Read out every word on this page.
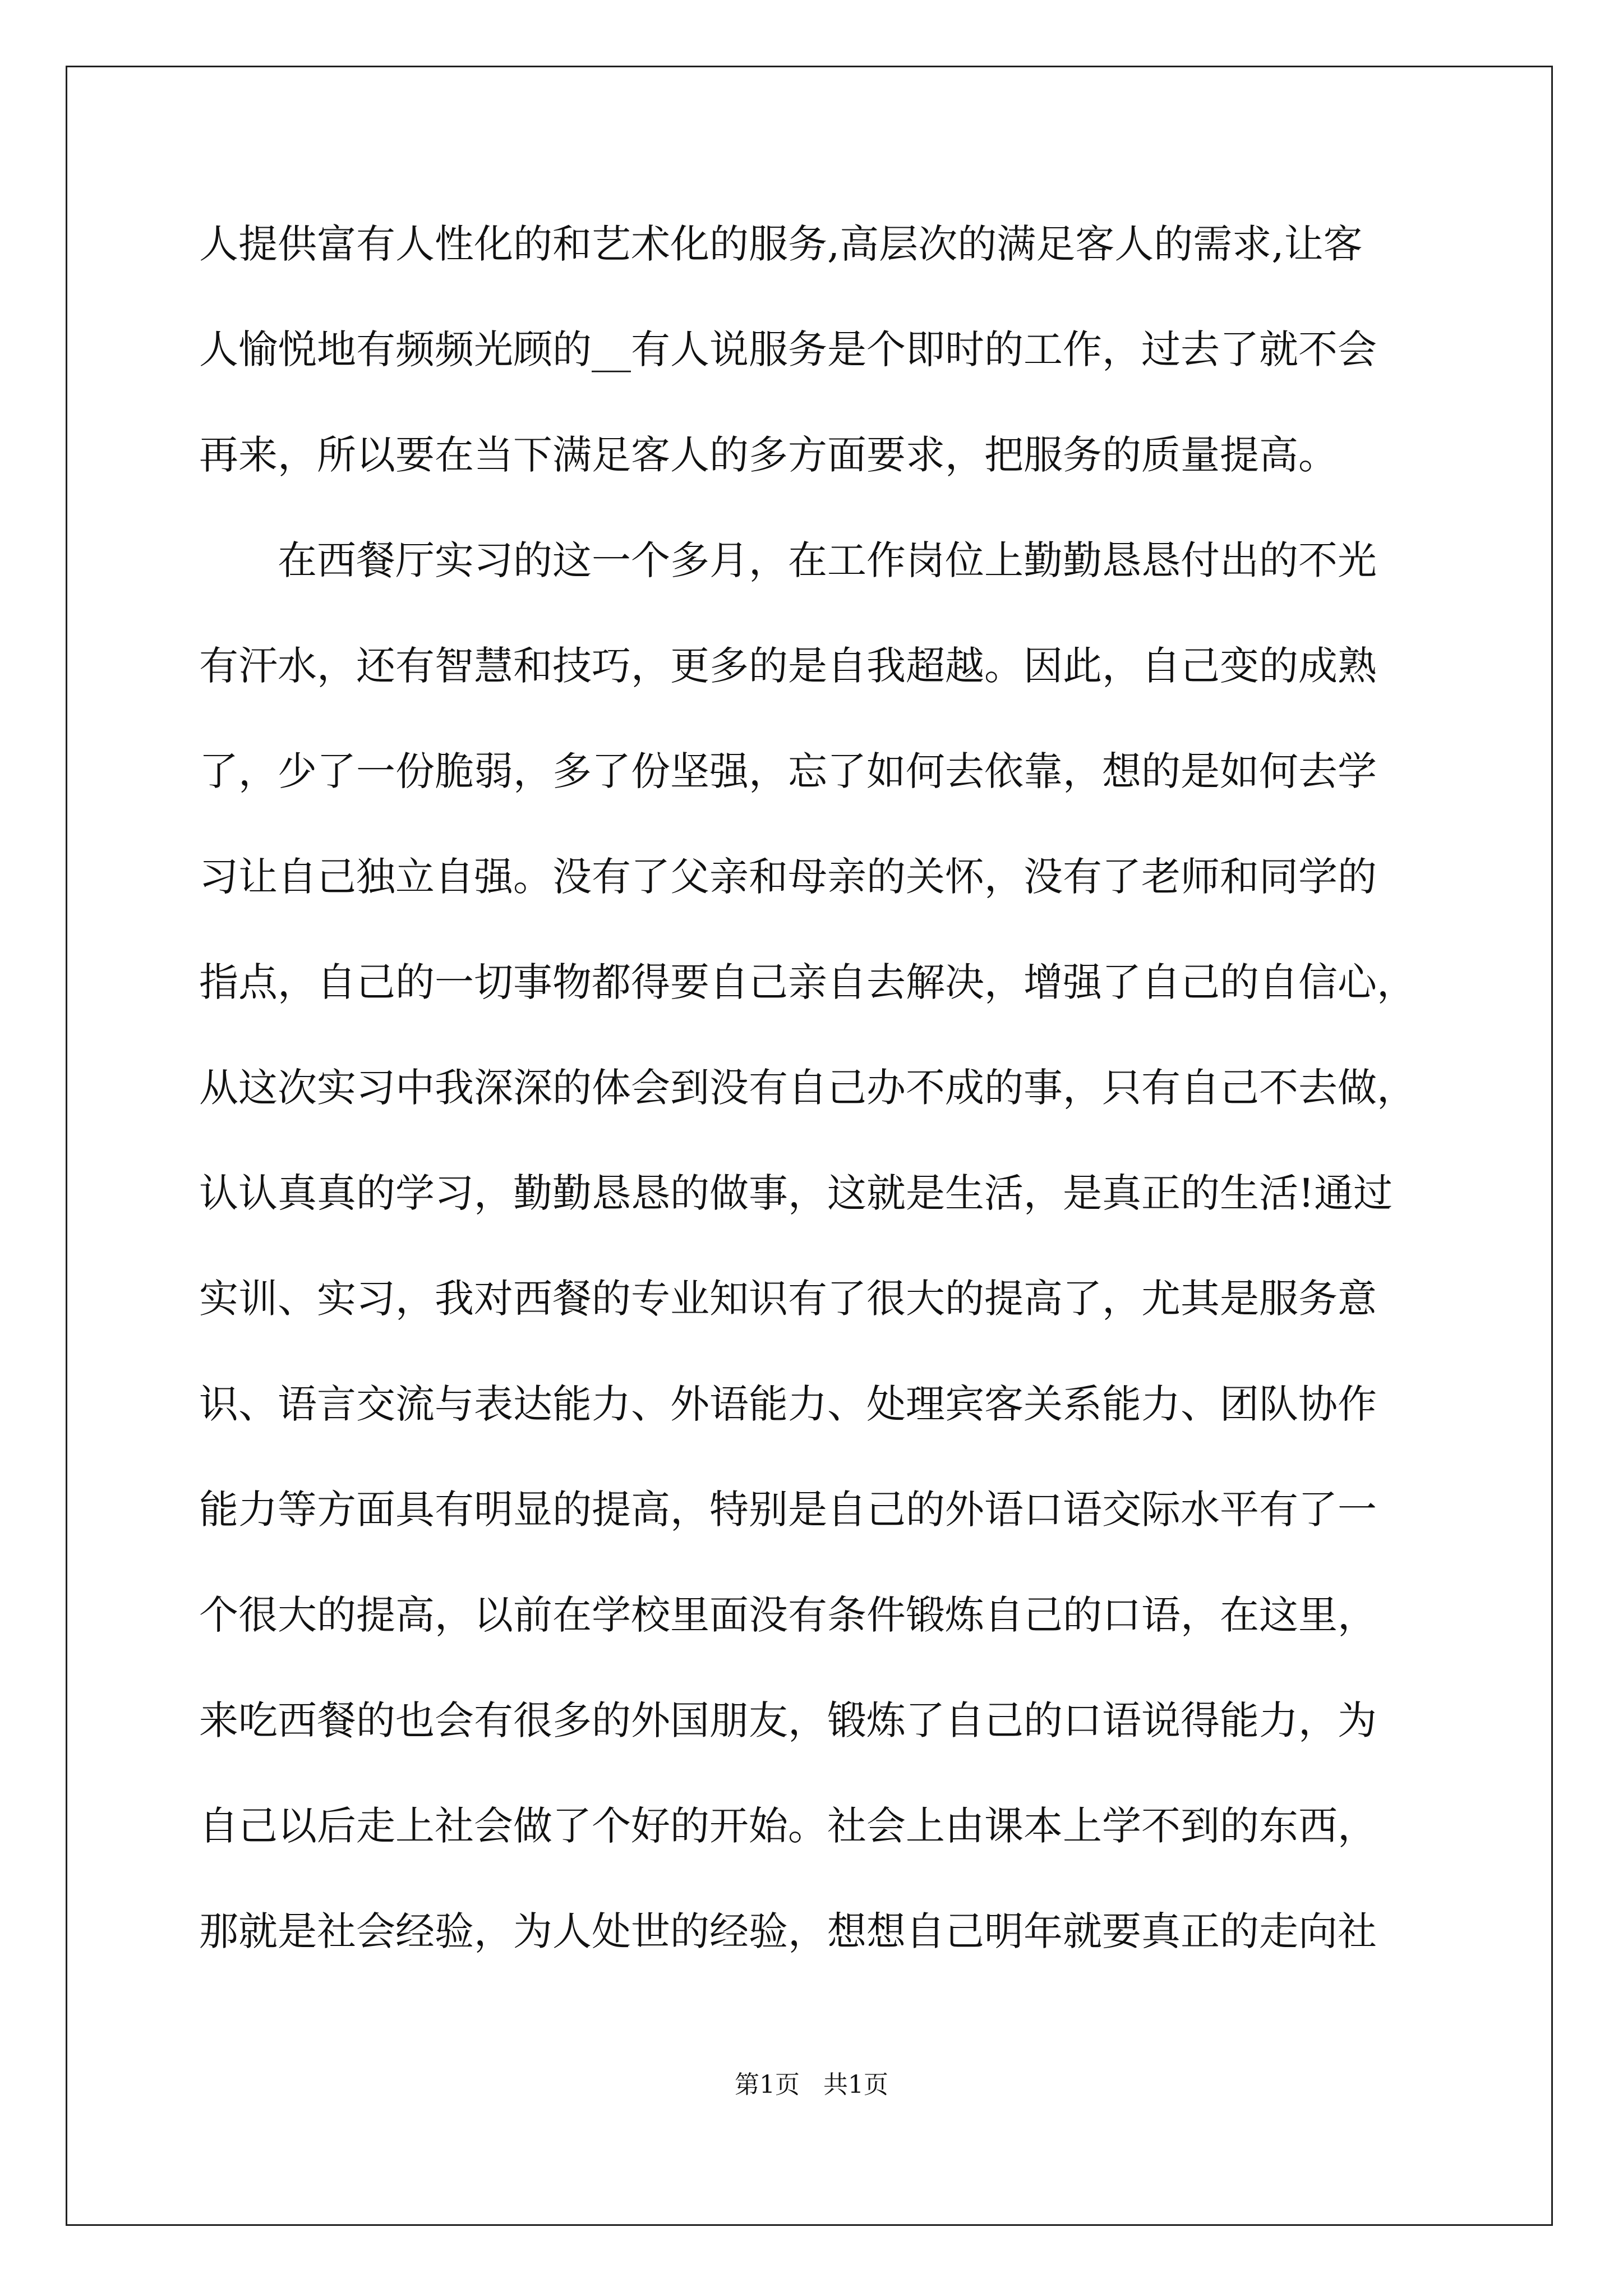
人提供富有人性化的和艺术化的服务,高层次的满足客人的需求,让客
人愉悦地有频频光顾的__有人说服务是个即时的工作，过去了就不会
再来，所以要在当下满足客人的多方面要求，把服务的质量提高。
在西餐厅实习的这一个多月，在工作岗位上勤勤恳恳付出的不光
有汗水，还有智慧和技巧，更多的是自我超越。因此，自己变的成熟
了，少了一份脆弱，多了份坚强，忘了如何去依靠，想的是如何去学
习让自己独立自强。没有了父亲和母亲的关怀，没有了老师和同学的
指点，自己的一切事物都得要自己亲自去解决，增强了自己的自信心，
从这次实习中我深深的体会到没有自己办不成的事，只有自己不去做，
认认真真的学习，勤勤恳恳的做事，这就是生活，是真正的生活!通过
实训、实习，我对西餐的专业知识有了很大的提高了，尤其是服务意
识、语言交流与表达能力、外语能力、处理宾客关系能力、团队协作
能力等方面具有明显的提高，特别是自己的外语口语交际水平有了一
个很大的提高，以前在学校里面没有条件锻炼自己的口语，在这里，
来吃西餐的也会有很多的外国朋友，锻炼了自己的口语说得能力，为
自己以后走上社会做了个好的开始。社会上由课本上学不到的东西，
那就是社会经验，为人处世的经验，想想自己明年就要真正的走向社
第1页   共1页
